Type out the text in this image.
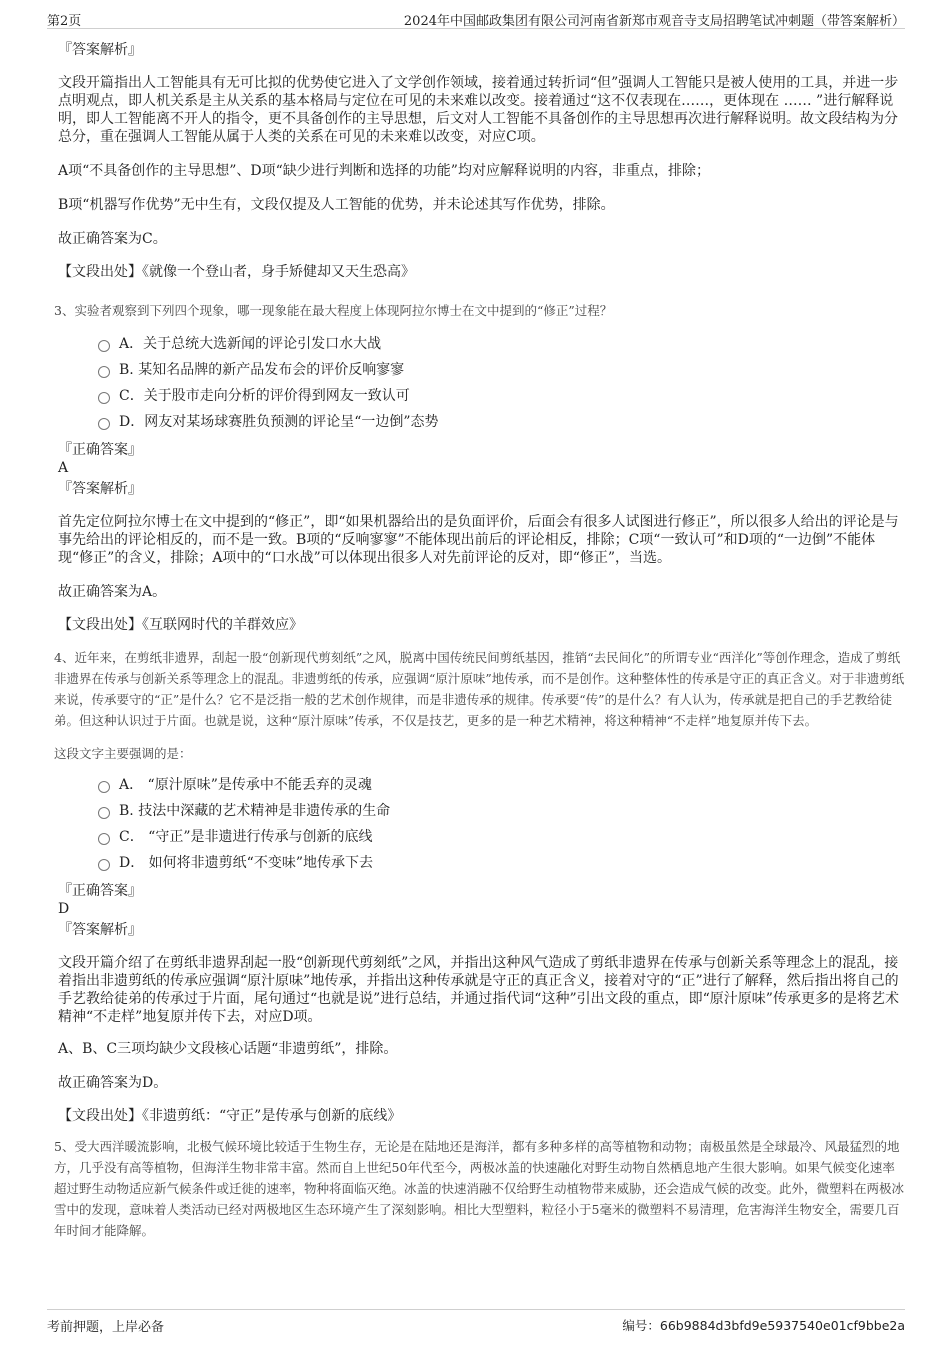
第2页	2024年中国邮政集团有限公司河南省新郑市观音寺支局招聘笔试冲刺题（带答案解析）

『答案解析』

文段开篇指出人工智能具有无可比拟的优势使它进入了文学创作领域，接着通过转折词“但”强调人工智能只是被人使用的工具，并进一步点明观点，即人机关系是主从关系的基本格局与定位在可见的未来难以改变。接着通过“这不仅表现在……，更体现在 …… ”进行解释说明，即人工智能离不开人的指令，更不具备创作的主导思想，后文对人工智能不具备创作的主导思想再次进行解释说明。故文段结构为分总分，重在强调人工智能从属于人类的关系在可见的未来难以改变，对应C项。

A项“不具备创作的主导思想”、D项“缺少进行判断和选择的功能”均对应解释说明的内容，非重点，排除；

B项“机器写作优势”无中生有，文段仅提及人工智能的优势，并未论述其写作优势，排除。

故正确答案为C。

【文段出处】《就像一个登山者，身手矫健却又天生恐高》

3、实验者观察到下列四个现象，哪一现象能在最大程度上体现阿拉尔博士在文中提到的“修正”过程？

A．关于总统大选新闻的评论引发口水大战
B. 某知名品牌的新产品发布会的评价反响寥寥
C．关于股市走向分析的评价得到网友一致认可
D．网友对某场球赛胜负预测的评论呈“一边倒”态势

『正确答案』

A

『答案解析』

首先定位阿拉尔博士在文中提到的“修正”，即“如果机器给出的是负面评价，后面会有很多人试图进行修正”，所以很多人给出的评论是与事先给出的评论相反的，而不是一致。B项的“反响寥寥”不能体现出前后的评论相反，排除；C项“一致认可”和D项的“一边倒”不能体现“修正”的含义，排除；A项中的“口水战”可以体现出很多人对先前评论的反对，即“修正”，当选。

故正确答案为A。

【文段出处】《互联网时代的羊群效应》

4、近年来，在剪纸非遗界，刮起一股“创新现代剪刻纸”之风，脱离中国传统民间剪纸基因，推销“去民间化”的所谓专业“西洋化”等创作理念，造成了剪纸非遗界在传承与创新关系等理念上的混乱。非遗剪纸的传承，应强调“原汁原味”地传承，而不是创作。这种整体性的传承是守正的真正含义。对于非遗剪纸来说，传承要守的“正”是什么？它不是泛指一般的艺术创作规律，而是非遗传承的规律。传承要“传”的是什么？有人认为，传承就是把自己的手艺教给徒弟。但这种认识过于片面。也就是说，这种“原汁原味”传承，不仅是技艺，更多的是一种艺术精神，将这种精神“不走样”地复原并传下去。

这段文字主要强调的是：

A． “原汁原味”是传承中不能丢弃的灵魂
B. 技法中深藏的艺术精神是非遗传承的生命
C． “守正”是非遗进行传承与创新的底线
D． 如何将非遗剪纸“不变味”地传承下去

『正确答案』

D

『答案解析』

文段开篇介绍了在剪纸非遗界刮起一股“创新现代剪刻纸”之风，并指出这种风气造成了剪纸非遗界在传承与创新关系等理念上的混乱，接着指出非遗剪纸的传承应强调“原汁原味”地传承，并指出这种传承就是守正的真正含义，接着对守的“正”进行了解释，然后指出将自己的手艺教给徒弟的传承过于片面，尾句通过“也就是说”进行总结，并通过指代词“这种”引出文段的重点，即“原汁原味”传承更多的是将艺术精神“不走样”地复原并传下去，对应D项。

A、B、C三项均缺少文段核心话题“非遗剪纸”，排除。

故正确答案为D。

【文段出处】《非遗剪纸：“守正”是传承与创新的底线》

5、受大西洋暖流影响，北极气候环境比较适于生物生存，无论是在陆地还是海洋，都有多种多样的高等植物和动物；南极虽然是全球最冷、风最猛烈的地方，几乎没有高等植物，但海洋生物非常丰富。然而自上世纪50年代至今，两极冰盖的快速融化对野生动物自然栖息地产生很大影响。如果气候变化速率超过野生动物适应新气候条件或迁徙的速率，物种将面临灭绝。冰盖的快速消融不仅给野生动植物带来威胁，还会造成气候的改变。此外，微塑料在两极冰雪中的发现，意味着人类活动已经对两极地区生态环境产生了深刻影响。相比大型塑料，粒径小于5毫米的微塑料不易清理，危害海洋生物安全，需要几百年时间才能降解。

考前押题，上岸必备	编号：66b9884d3bfd9e5937540e01cf9bbe2a
